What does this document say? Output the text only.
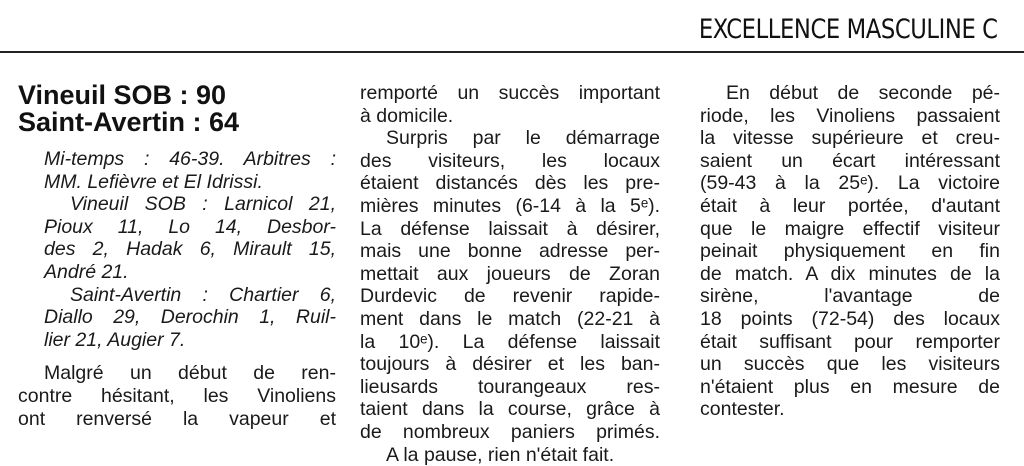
EXCELLENCE MASCULINE C
Vineuil SOB : 90
Saint-Avertin : 64

Mi-temps : 46-39. Arbitres :
MM. Lefièvre et El Idrissi.

Vineuil SOB : Larnicol 21,
Pioux 11, Lo 14, Desbor-
des 2, Hadak 6, Mirault 15,
André 21.

Saint-Avertin : Chartier 6,
Diallo 29, Derochin 1, Ruil-
lier 21, Augier 7.

Malgré un début de ren-
contre hésitant, les Vinoliens
ont renversé la vapeur et

remporté un succès important
à domicile.

Surpris par le démarrage
des visiteurs, les locaux
étaient distancés dès les pre-
mières minutes (6-14 à la 5ᵉ).
La défense laissait à désirer,
mais une bonne adresse per-
mettait aux joueurs de Zoran
Durdevic de revenir rapide-
ment dans le match (22-21 à
la 10ᵉ). La défense laissait
toujours à désirer et les ban-
lieusards tourangeaux res-
taient dans la course, grâce à
de nombreux paniers primés.
A la pause, rien n'était fait.

En début de seconde pé-
riode, les Vinoliens passaient
la vitesse supérieure et creu-
saient un écart intéressant
(59-43 à la 25ᵉ). La victoire
était à leur portée, d'autant
que le maigre effectif visiteur
peinait physiquement en fin
de match. A dix minutes de la
sirène, l'avantage de
18 points (72-54) des locaux
était suffisant pour remporter
un succès que les visiteurs
n'étaient plus en mesure de
contester.
